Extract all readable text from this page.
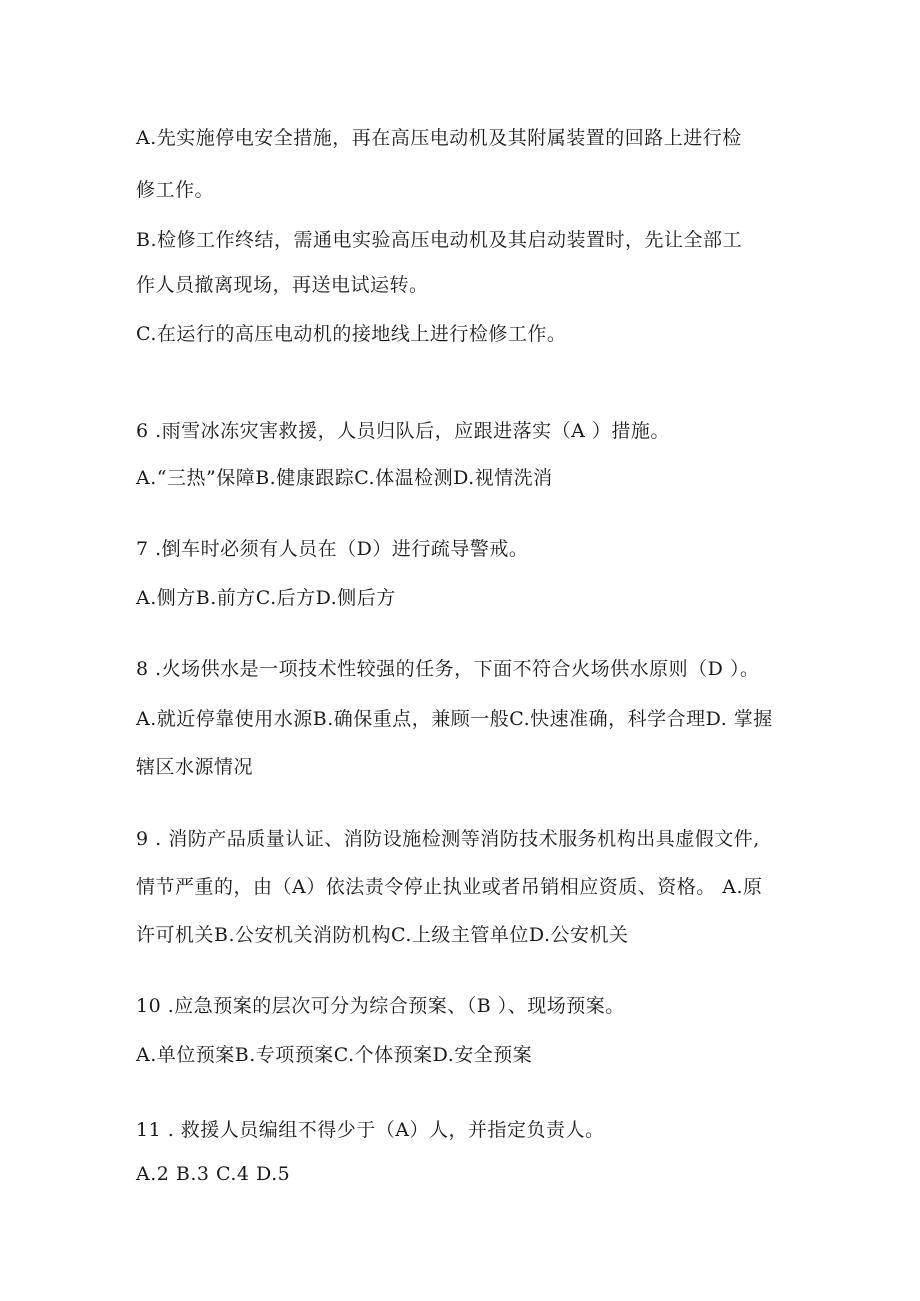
A.先实施停电安全措施，再在高压电动机及其附属装置的回路上进行检
修工作。
B.检修工作终结，需通电实验高压电动机及其启动装置时，先让全部工
作人员撤离现场，再送电试运转。
C.在运行的高压电动机的接地线上进行检修工作。
6 .雨雪冰冻灾害救援，人员归队后，应跟进落实（A ）措施。
A.“三热”保障B.健康跟踪C.体温检测D.视情洗消
7 .倒车时必须有人员在（D）进行疏导警戒。
A.侧方B.前方C.后方D.侧后方
8 .火场供水是一项技术性较强的任务，下面不符合火场供水原则（D ）。
A.就近停靠使用水源B.确保重点，兼顾一般C.快速准确，科学合理D. 掌握
辖区水源情况
9 . 消防产品质量认证、消防设施检测等消防技术服务机构出具虚假文件,
情节严重的，由（A）依法责令停止执业或者吊销相应资质、资格。 A.原
许可机关B.公安机关消防机构C.上级主管单位D.公安机关
10 .应急预案的层次可分为综合预案、（B ）、现场预案。
A.单位预案B.专项预案C.个体预案D.安全预案
11 . 救援人员编组不得少于（A）人，并指定负责人。
A.2 B.3 C.4 D.5
